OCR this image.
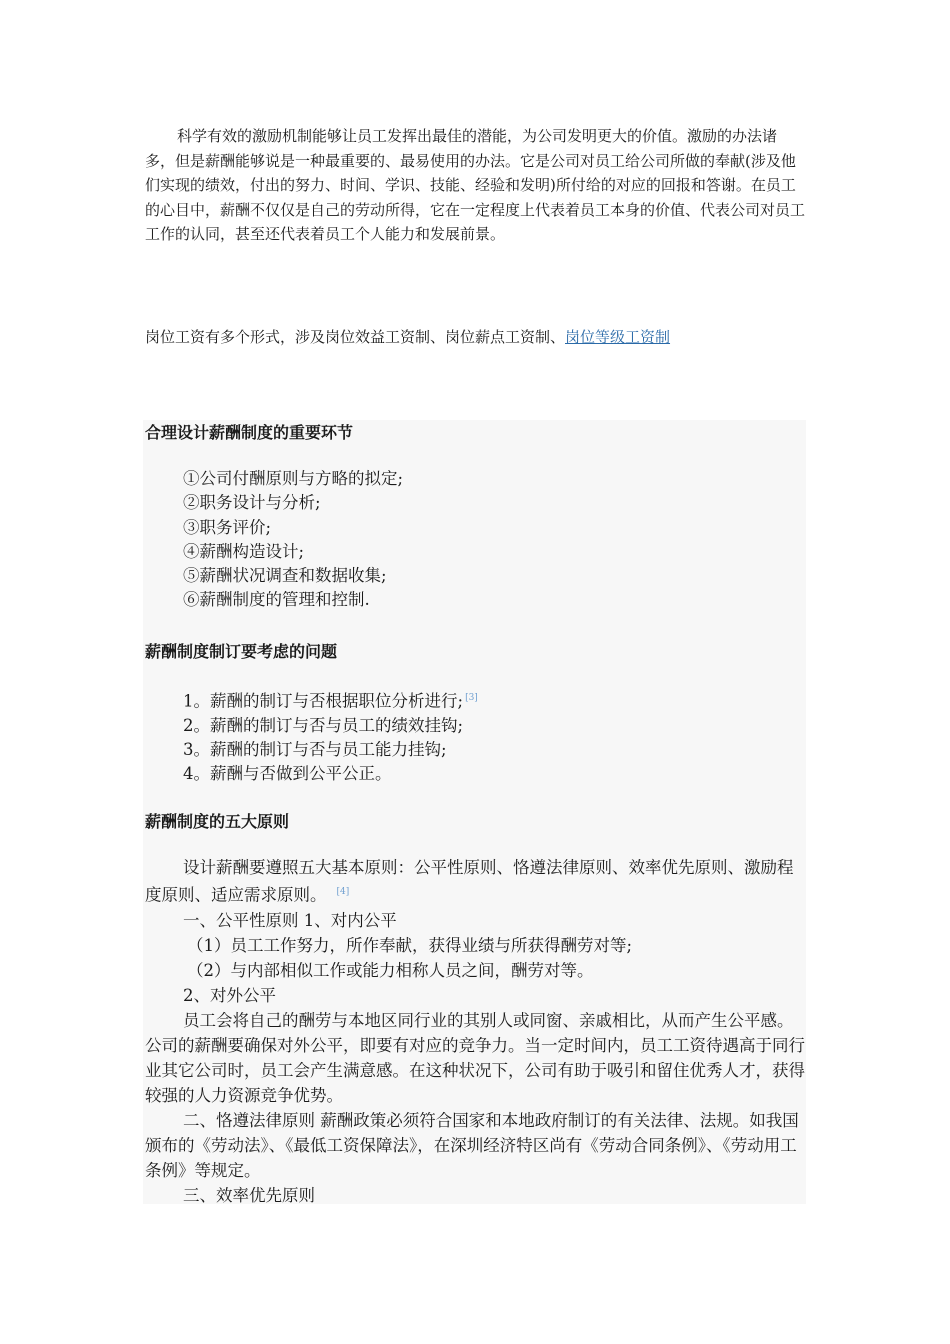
科学有效的激励机制能够让员工发挥出最佳的潜能，为公司发明更大的价值。激励的办法诸多，但是薪酬能够说是一种最重要的、最易使用的办法。它是公司对员工给公司所做的奉献(涉及他们实现的绩效，付出的努力、时间、学识、技能、经验和发明)所付给的对应的回报和答谢。在员工的心目中，薪酬不仅仅是自己的劳动所得，它在一定程度上代表着员工本身的价值、代表公司对员工工作的认同，甚至还代表着员工个人能力和发展前景。

岗位工资有多个形式，涉及岗位效益工资制、岗位薪点工资制、岗位等级工资制

合理设计薪酬制度的重要环节
①公司付酬原则与方略的拟定;
②职务设计与分析;
③职务评价;
④薪酬构造设计;
⑤薪酬状况调查和数据收集;
⑥薪酬制度的管理和控制.
薪酬制度制订要考虑的问题
1。薪酬的制订与否根据职位分析进行; [3]
2。薪酬的制订与否与员工的绩效挂钩;
3。薪酬的制订与否与员工能力挂钩;
4。薪酬与否做到公平公正。
薪酬制度的五大原则

设计薪酬要遵照五大基本原则：公平性原则、恪遵法律原则、效率优先原则、激励程度原则、适应需求原则。 [4]

一、公平性原则 1、对内公平

（1）员工工作努力，所作奉献，获得业绩与所获得酬劳对等;

（2）与内部相似工作或能力相称人员之间，酬劳对等。

2、对外公平

员工会将自己的酬劳与本地区同行业的其别人或同窗、亲戚相比，从而产生公平感。公司的薪酬要确保对外公平，即要有对应的竞争力。当一定时间内，员工工资待遇高于同行业其它公司时，员工会产生满意感。在这种状况下，公司有助于吸引和留住优秀人才，获得较强的人力资源竞争优势。

二、恪遵法律原则 薪酬政策必须符合国家和本地政府制订的有关法律、法规。如我国颁布的《劳动法》、《最低工资保障法》，在深圳经济特区尚有《劳动合同条例》、《劳动用工条例》等规定。

三、效率优先原则
